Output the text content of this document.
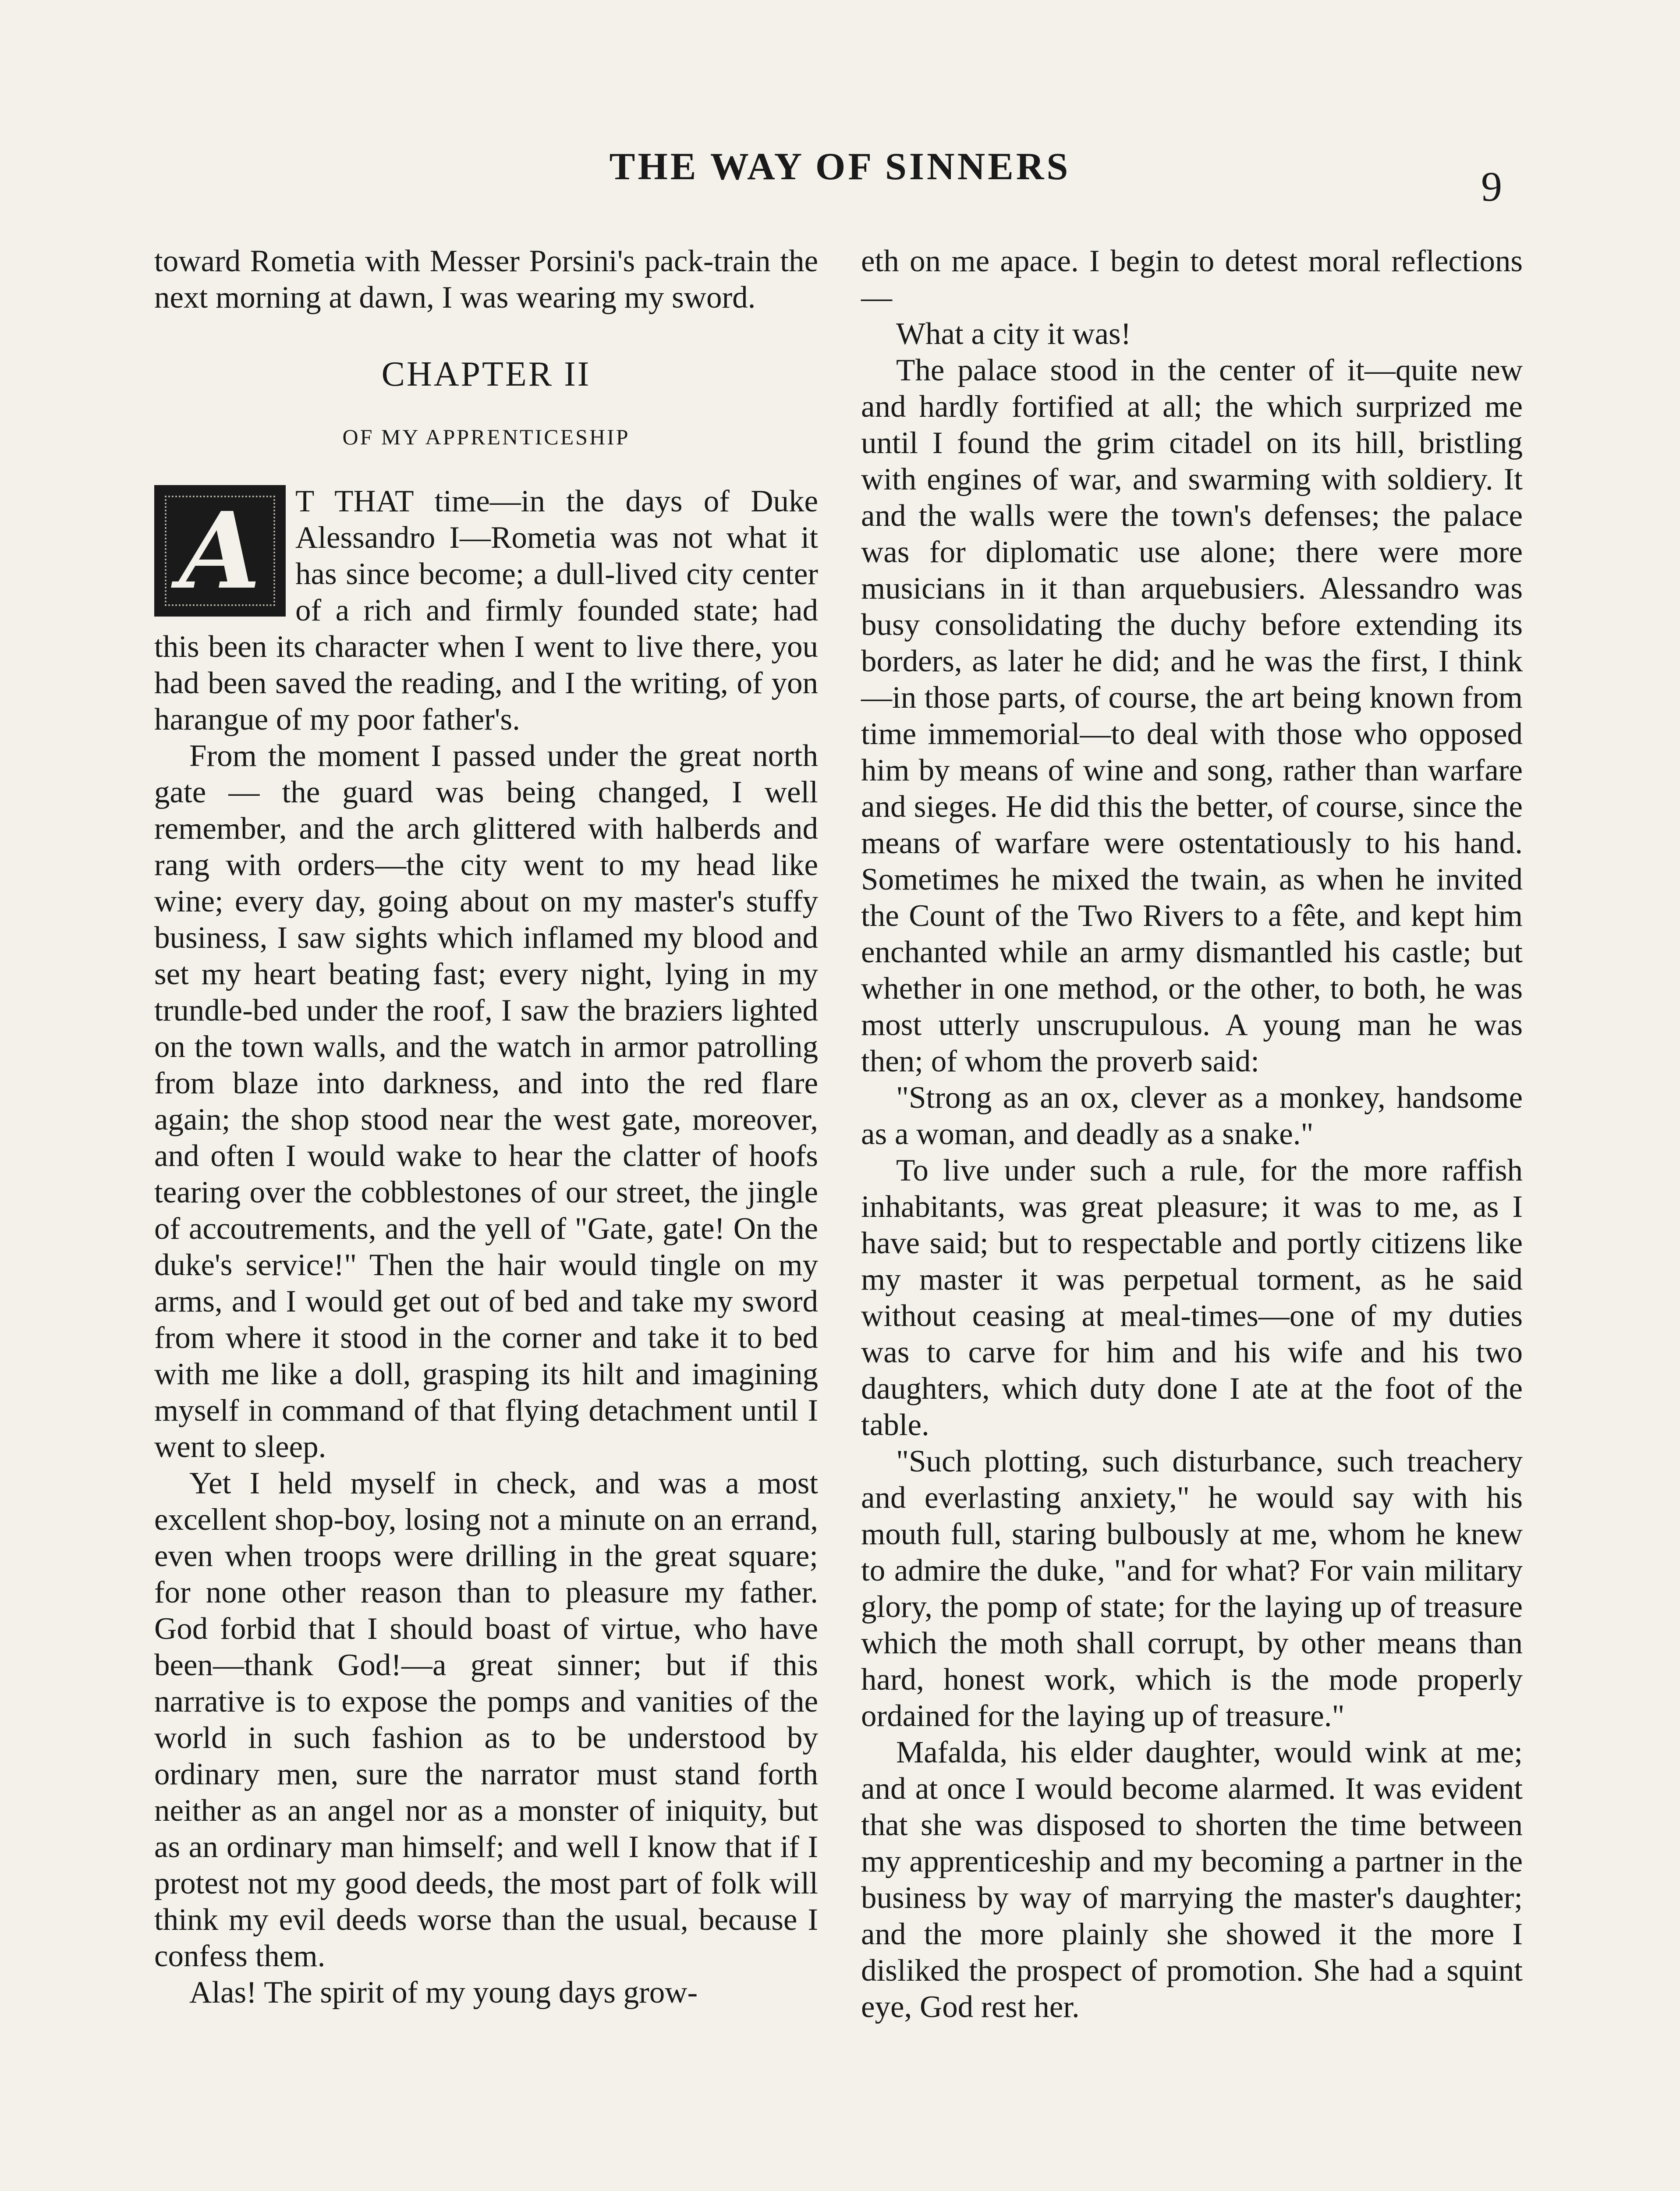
THE WAY OF SINNERS	9

toward Rometia with Messer Porsini's pack-train the next morning at dawn, I was wearing my sword.

CHAPTER II
OF MY APPRENTICESHIP

A T THAT time—in the days of Duke Alessandro I—Rometia was not what it has since become; a dull-lived city center of a rich and firmly founded state; had this been its character when I went to live there, you had been saved the reading, and I the writing, of yon harangue of my poor father's.

From the moment I passed under the great north gate — the guard was being changed, I well remember, and the arch glittered with halberds and rang with orders—the city went to my head like wine; every day, going about on my master's stuffy business, I saw sights which inflamed my blood and set my heart beating fast; every night, lying in my trundle-bed under the roof, I saw the braziers lighted on the town walls, and the watch in armor patrolling from blaze into darkness, and into the red flare again; the shop stood near the west gate, moreover, and often I would wake to hear the clatter of hoofs tearing over the cobblestones of our street, the jingle of accoutrements, and the yell of "Gate, gate! On the duke's service!" Then the hair would tingle on my arms, and I would get out of bed and take my sword from where it stood in the corner and take it to bed with me like a doll, grasping its hilt and imagining myself in command of that flying detachment until I went to sleep.

Yet I held myself in check, and was a most excellent shop-boy, losing not a minute on an errand, even when troops were drilling in the great square; for none other reason than to pleasure my father. God forbid that I should boast of virtue, who have been—thank God!—a great sinner; but if this narrative is to expose the pomps and vanities of the world in such fashion as to be understood by ordinary men, sure the narrator must stand forth neither as an angel nor as a monster of iniquity, but as an ordinary man himself; and well I know that if I protest not my good deeds, the most part of folk will think my evil deeds worse than the usual, because I confess them.

Alas! The spirit of my young days grow-

eth on me apace. I begin to detest moral reflections—

What a city it was!

The palace stood in the center of it—quite new and hardly fortified at all; the which surprized me until I found the grim citadel on its hill, bristling with engines of war, and swarming with soldiery. It and the walls were the town's defenses; the palace was for diplomatic use alone; there were more musicians in it than arquebusiers. Alessandro was busy consolidating the duchy before extending its borders, as later he did; and he was the first, I think—in those parts, of course, the art being known from time immemorial—to deal with those who opposed him by means of wine and song, rather than warfare and sieges. He did this the better, of course, since the means of warfare were ostentatiously to his hand. Sometimes he mixed the twain, as when he invited the Count of the Two Rivers to a fête, and kept him enchanted while an army dismantled his castle; but whether in one method, or the other, to both, he was most utterly unscrupulous. A young man he was then; of whom the proverb said:

"Strong as an ox, clever as a monkey, handsome as a woman, and deadly as a snake."

To live under such a rule, for the more raffish inhabitants, was great pleasure; it was to me, as I have said; but to respectable and portly citizens like my master it was perpetual torment, as he said without ceasing at meal-times—one of my duties was to carve for him and his wife and his two daughters, which duty done I ate at the foot of the table.

"Such plotting, such disturbance, such treachery and everlasting anxiety," he would say with his mouth full, staring bulbously at me, whom he knew to admire the duke, "and for what? For vain military glory, the pomp of state; for the laying up of treasure which the moth shall corrupt, by other means than hard, honest work, which is the mode properly ordained for the laying up of treasure."

Mafalda, his elder daughter, would wink at me; and at once I would become alarmed. It was evident that she was disposed to shorten the time between my apprenticeship and my becoming a partner in the business by way of marrying the master's daughter; and the more plainly she showed it the more I disliked the prospect of promotion. She had a squint eye, God rest her.
